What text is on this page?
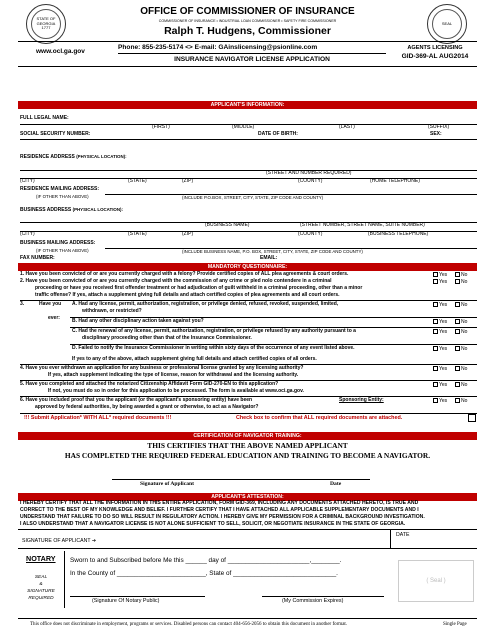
STATE OF GEORGIA 1777
SEAL
OFFICE OF COMMISSIONER OF INSURANCE
COMMISSIONER OF INSURANCE • INDUSTRIAL LOAN COMMISSIONER • SAFETY FIRE COMMISSIONER
Ralph T. Hudgens, Commissioner
www.ocl.ga.gov
Phone: 855-235-5174 <> E-mail: GAinslicensing@psionline.com
INSURANCE NAVIGATOR LICENSE APPLICATION
AGENTS LICENSING
GID-369-AL AUG2014
APPLICANT'S INFORMATION:
FULL LEGAL NAME:
(FIRST)	(MIDDLE)	(LAST)	(SUFFIX)
SOCIAL SECURITY NUMBER:	DATE OF BIRTH:	SEX:
RESIDENCE ADDRESS (PHYSICAL LOCATION):
(STREET AND NUMBER REQUIRED)
(CITY)	(STATE)	(ZIP)	(COUNTY)	(HOME TELEPHONE)
RESIDENCE MAILING ADDRESS:
(IF OTHER THAN ABOVE)	(INCLUDE P.O.BOX, STREET, CITY, STATE, ZIP CODE AND COUNTY)
BUSINESS ADDRESS (PHYSICAL LOCATION):
(BUSINESS NAME)	(STREET NUMBER, STREET NAME, SUITE NUMBER)
(CITY)	(STATE)	(ZIP)	(COUNTY)	(BUSINESS TELEPHONE)
BUSINESS MAILING ADDRESS:
(IF OTHER THAN ABOVE)	(INCLUDE BUSINESS NAME, P.O. BOX, STREET, CITY, STATE, ZIP CODE AND COUNTY)
FAX NUMBER:	EMAIL:
MANDATORY QUESTIONNAIRE:
1. Have you been convicted of or are you currently charged with a felony? Provide certified copies of ALL plea agreements & court orders.	Yes	No
2. Have you been convicted of or are you currently charged with the commission of any crime or pled nolo contendere in a criminal
proceeding or have you received first offender treatment or had adjudication of guilt withheld in a criminal proceeding, other than a minor
traffic offense? If yes, attach a supplement giving full details and attach certified copies of plea agreements and all court orders.
Yes	No
3.	Have you
ever:
A. Had any license, permit, authorization, registration, or privilege denied, refused, revoked, suspended, limited,
withdrawn, or restricted?
Yes	No
B. Had any other disciplinary action taken against you?	Yes	No
C. Had the renewal of any license, permit, authorization, registration, or privilege refused by any authority pursuant to a
disciplinary proceeding other than that of the Insurance Commissioner.
Yes	No
D. Failed to notify the Insurance Commissioner in writing within sixty days of the occurrence of any event listed above.	Yes	No
If yes to any of the above, attach supplement giving full details and attach certified copies of all orders.
4. Have you ever withdrawn an application for any business or professional license granted by any licensing authority?
If yes, attach supplement indicating the type of license, reason for withdrawal and the licensing authority.
Yes	No
5. Have you completed and attached the notarized Citizenship Affidavit Form GID-270-EN to this application?
If not, you must do so in order for this application to be processed. The form is available at www.oci.ga.gov.
Yes	No
6. Have you included proof that you the applicant (or the applicant's sponsoring entity) have been
approved by federal authorities, by being awarded a grant or otherwise, to act as a Navigator?
Sponsoring Entity:	Yes	No
!!! Submit Application* WITH ALL* required documents !!!	Check box to confirm that ALL required documents are attached.
CERTIFICATION OF NAVIGATOR TRAINING:
THIS CERTIFIES THAT THE ABOVE NAMED APPLICANT
HAS COMPLETED THE REQUIRED FEDERAL EDUCATION AND TRAINING TO BECOME A NAVIGATOR.
Signature of Applicant	Date
APPLICANT'S ATTESTATION:
I HEREBY CERTIFY THAT ALL THE INFORMATION IN THIS ENTIRE APPLICATION, FORM GID-369, INCLUDING ANY DOCUMENTS ATTACHED HERETO, IS TRUE AND
CORRECT TO THE BEST OF MY KNOWLEDGE AND BELIEF. I FURTHER CERTIFY THAT I HAVE ATTACHED ALL APPLICABLE SUPPLEMENTARY DOCUMENTS AND I
UNDERSTAND THAT FAILURE TO DO SO WILL RESULT IN REGULATORY ACTION. I HEREBY GIVE MY PERMISSION FOR A CRIMINAL BACKGROUND INVESTIGATION.
I ALSO UNDERSTAND THAT A NAVIGATOR LICENSE IS NOT ALONE SUFFICIENT TO SELL, SOLICIT, OR NEGOTIATE INSURANCE IN THE STATE OF GEORGIA.
SIGNATURE OF APPLICANT ➔
DATE
NOTARY
SEAL
&
SIGNATURE
REQUIRED
Sworn to and Subscribed before Me this ______ day of _______________________,________.
In the County of _________________________, State of _____________________________.
(Signature Of Notary Public)	(My Commission Expires)
( Seal )
This office does not discriminate in employment, programs or services. Disabled persons can contact 404-656-2056 to obtain this document in another format.	Single Page
